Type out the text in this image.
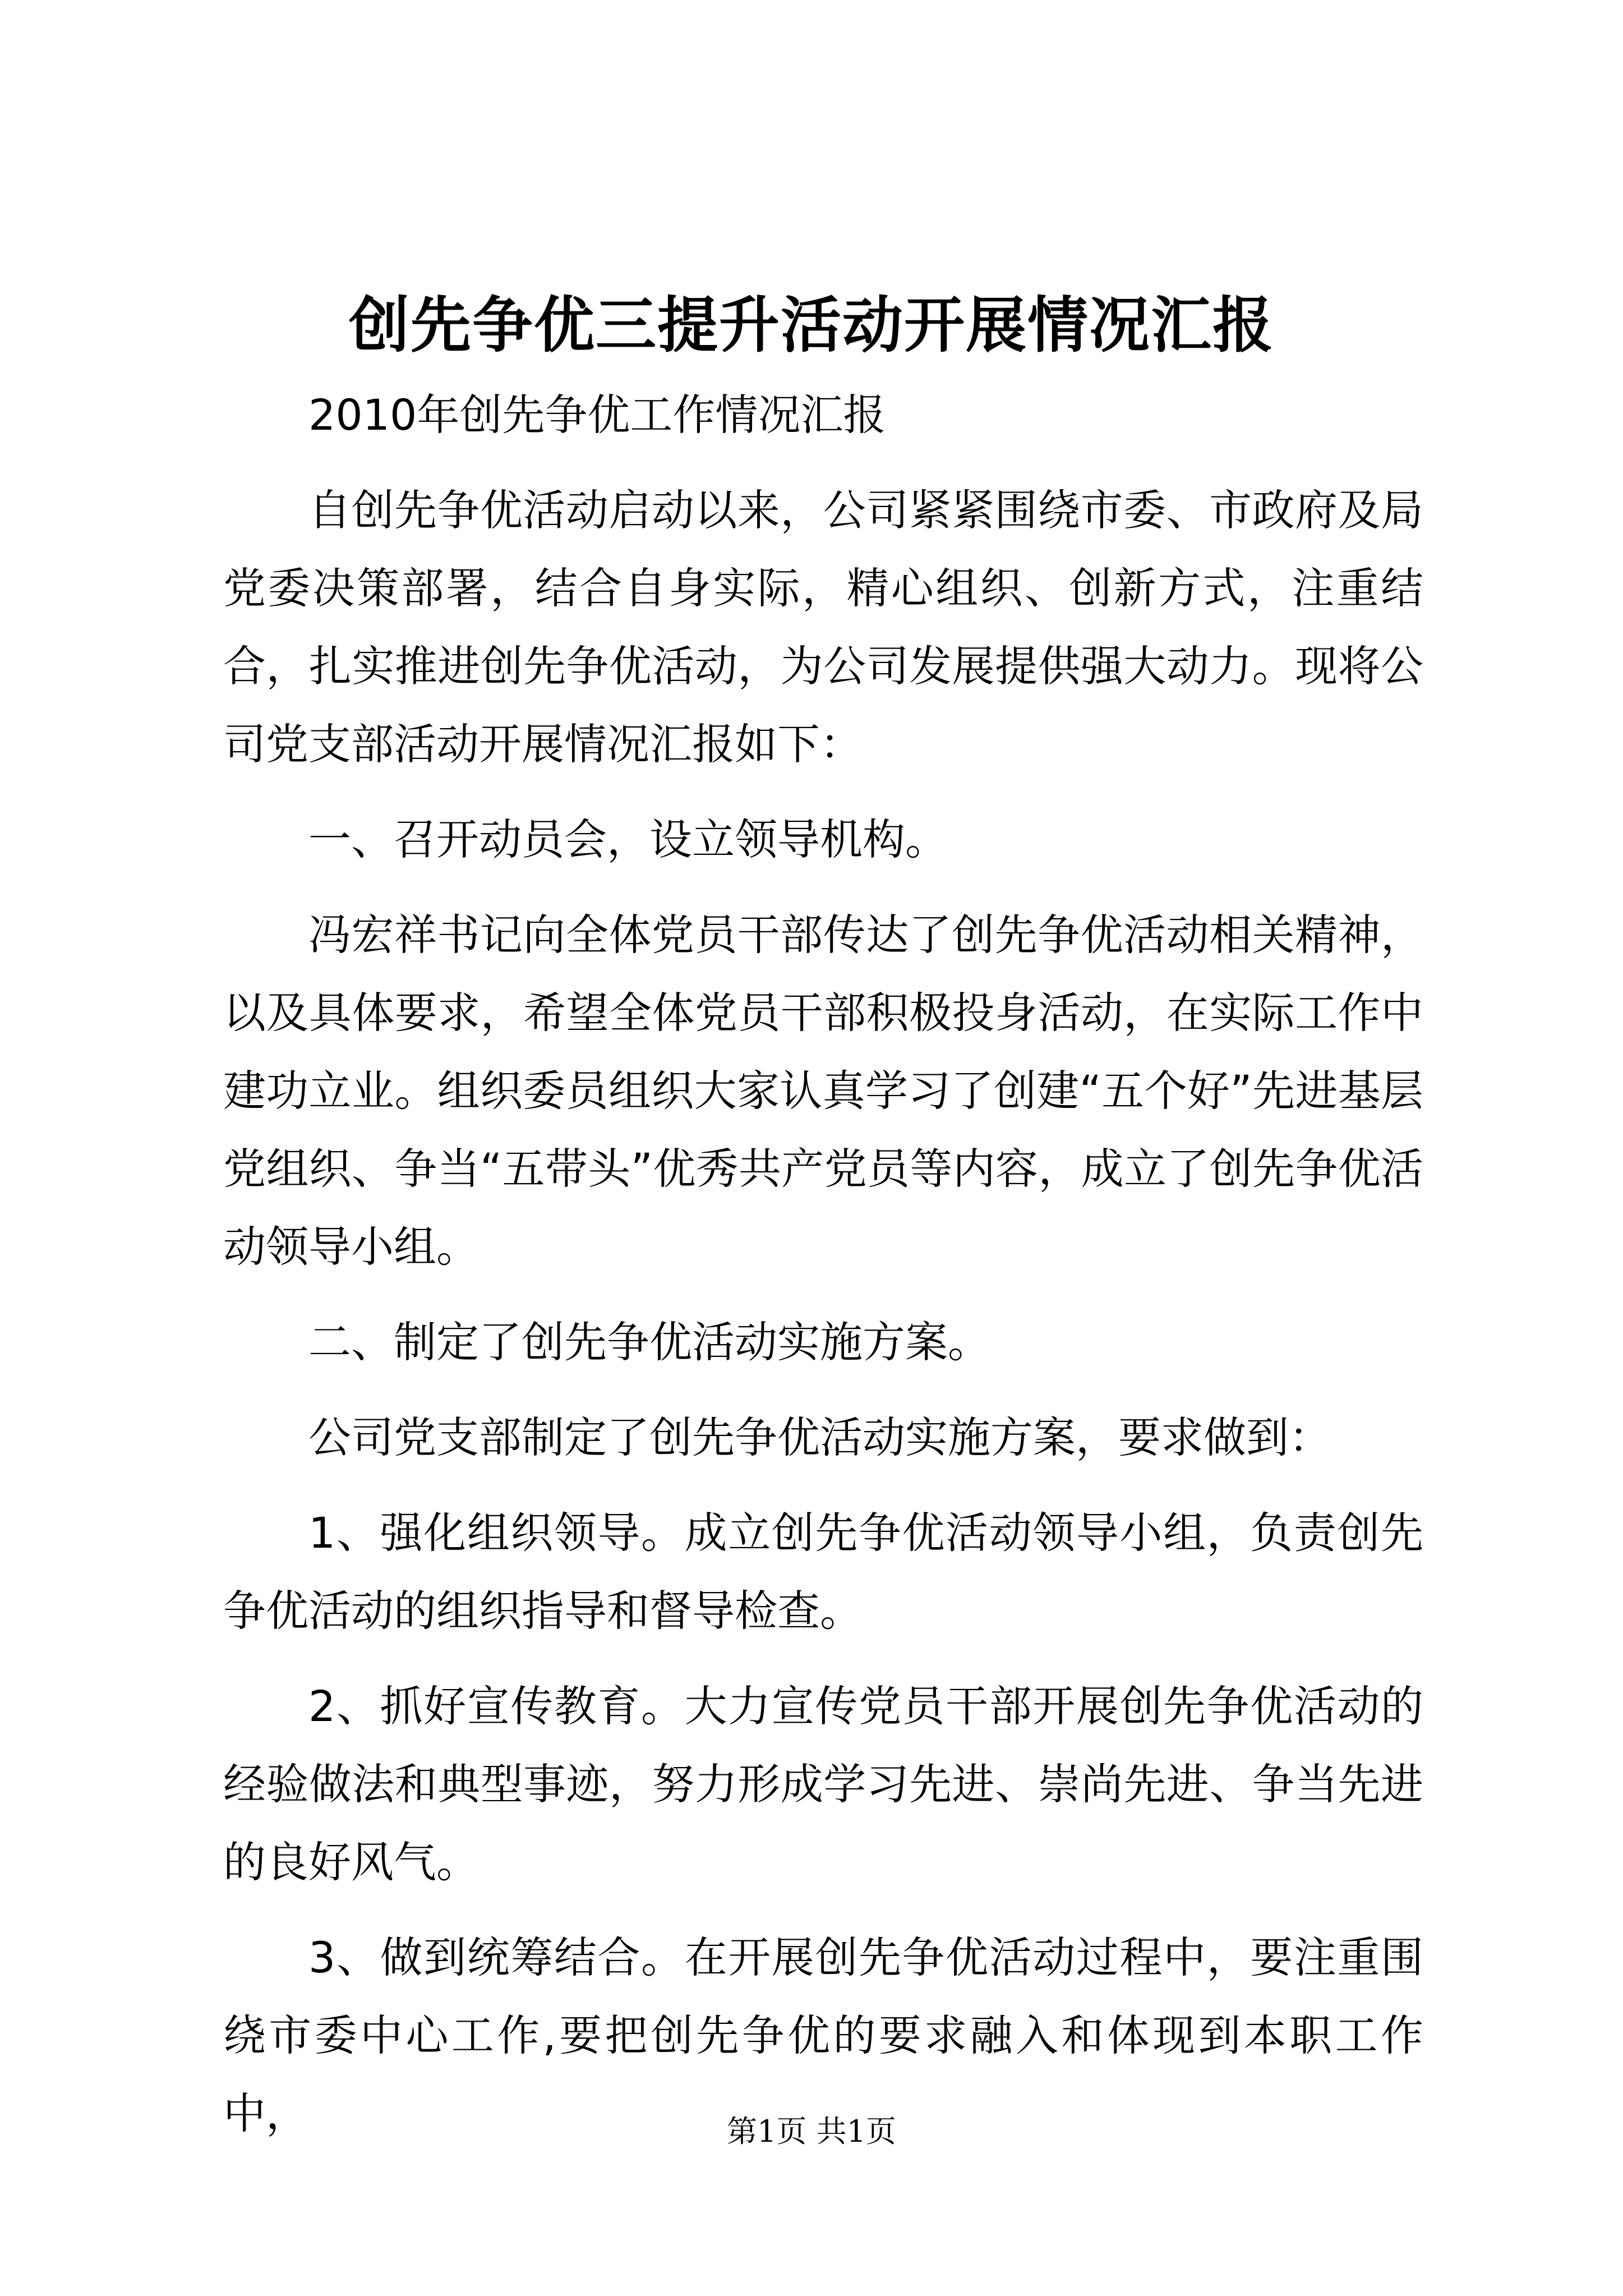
创先争优三提升活动开展情况汇报

2010年创先争优工作情况汇报

自创先争优活动启动以来，公司紧紧围绕市委、市政府及局党委决策部署，结合自身实际，精心组织、创新方式，注重结合，扎实推进创先争优活动，为公司发展提供强大动力。现将公司党支部活动开展情况汇报如下：

一、召开动员会，设立领导机构。

冯宏祥书记向全体党员干部传达了创先争优活动相关精神，以及具体要求，希望全体党员干部积极投身活动，在实际工作中建功立业。组织委员组织大家认真学习了创建“五个好”先进基层党组织、争当“五带头”优秀共产党员等内容，成立了创先争优活动领导小组。

二、制定了创先争优活动实施方案。

公司党支部制定了创先争优活动实施方案，要求做到：

1、强化组织领导。成立创先争优活动领导小组，负责创先争优活动的组织指导和督导检查。

2、抓好宣传教育。大力宣传党员干部开展创先争优活动的经验做法和典型事迹，努力形成学习先进、崇尚先进、争当先进的良好风气。

3、做到统筹结合。在开展创先争优活动过程中，要注重围绕市委中心工作,要把创先争优的要求融入和体现到本职工作中，	第1页 共1页
